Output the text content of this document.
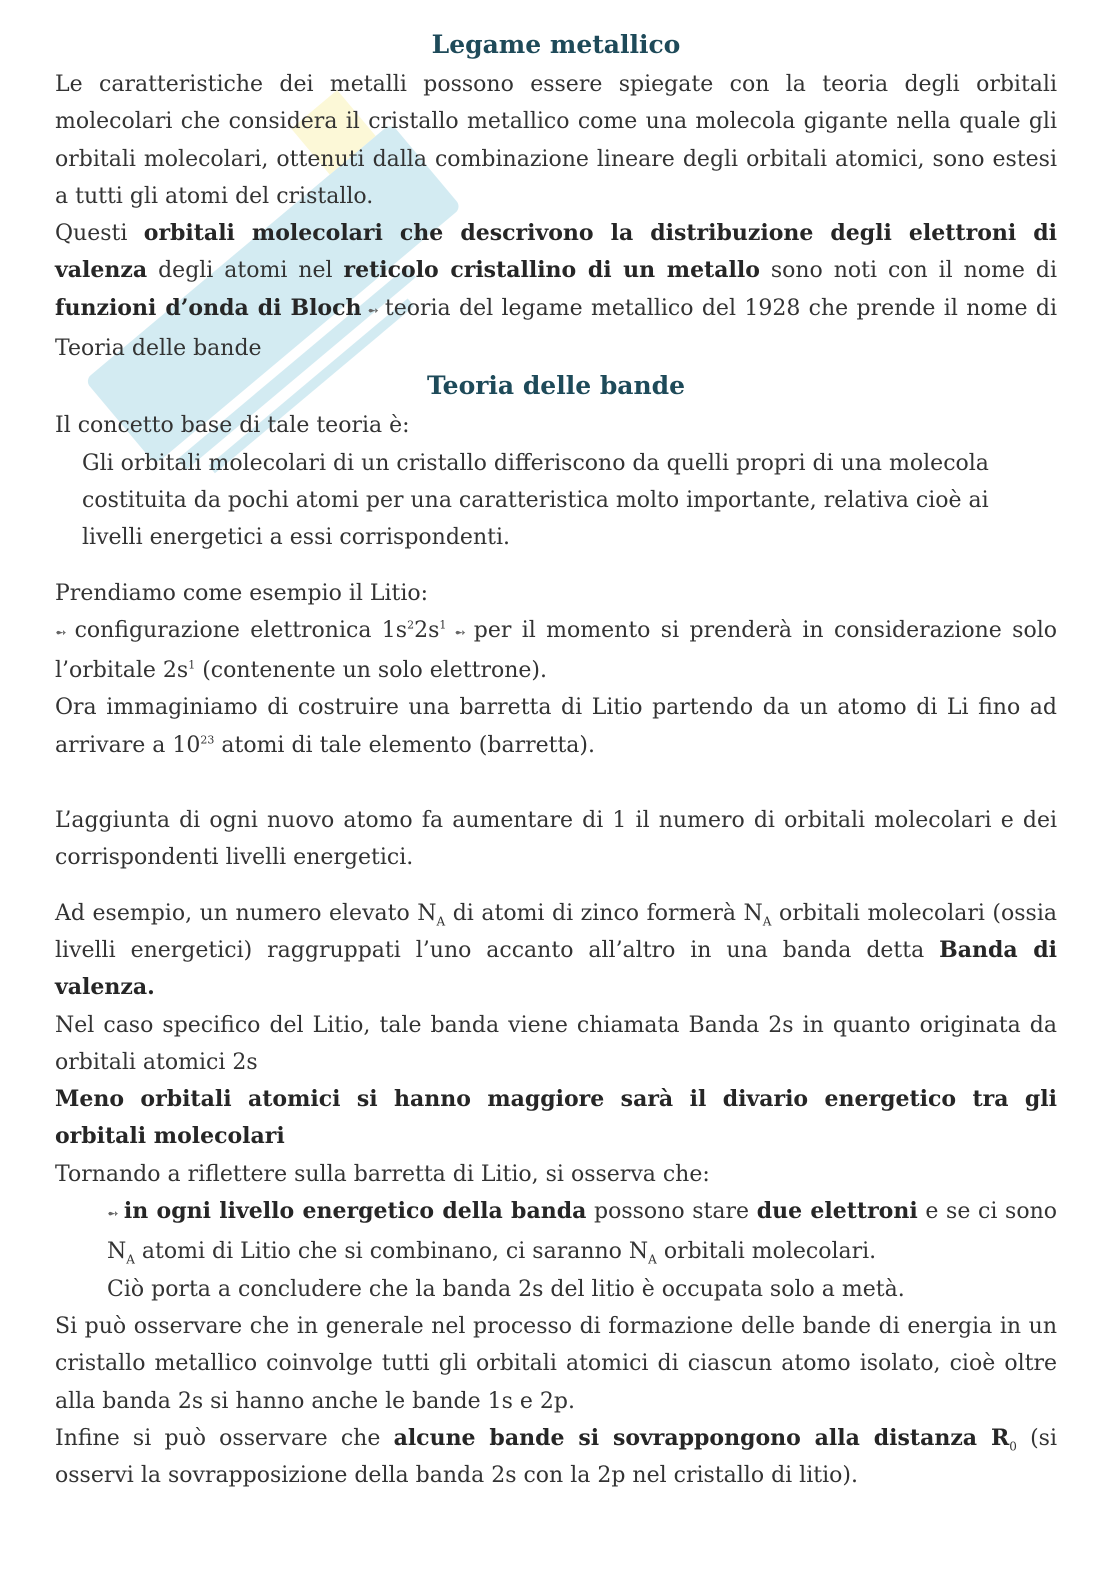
Legame metallico

Le caratteristiche dei metalli possono essere spiegate con la teoria degli orbitali molecolari che considera il cristallo metallico come una molecola gigante nella quale gli orbitali molecolari, ottenuti dalla combinazione lineare degli orbitali atomici, sono estesi a tutti gli atomi del cristallo.

Questi orbitali molecolari che descrivono la distribuzione degli elettroni di valenza degli atomi nel reticolo cristallino di un metallo sono noti con il nome di funzioni d’onda di Bloch ➻ teoria del legame metallico del 1928 che prende il nome di Teoria delle bande

Teoria delle bande

Il concetto base di tale teoria è:

Gli orbitali molecolari di un cristallo differiscono da quelli propri di una molecola costituita da pochi atomi per una caratteristica molto importante, relativa cioè ai livelli energetici a essi corrispondenti.

Prendiamo come esempio il Litio:

➻ configurazione elettronica $1s^22s^1$ ➻ per il momento si prenderà in considerazione solo l’orbitale $2s^1$ (contenente un solo elettrone).

Ora immaginiamo di costruire una barretta di Litio partendo da un atomo di Li fino ad arrivare a $10^{23}$ atomi di tale elemento (barretta).

L’aggiunta di ogni nuovo atomo fa aumentare di 1 il numero di orbitali molecolari e dei corrispondenti livelli energetici.

Ad esempio, un numero elevato $N_A$ di atomi di zinco formerà $N_A$ orbitali molecolari (ossia livelli energetici) raggruppati l’uno accanto all’altro in una banda detta Banda di valenza.

Nel caso specifico del Litio, tale banda viene chiamata Banda 2s in quanto originata da orbitali atomici 2s

Meno orbitali atomici si hanno maggiore sarà il divario energetico tra gli orbitali molecolari

Tornando a riflettere sulla barretta di Litio, si osserva che:

➻ in ogni livello energetico della banda possono stare due elettroni e se ci sono $N_A$ atomi di Litio che si combinano, ci saranno $N_A$ orbitali molecolari.

Ciò porta a concludere che la banda 2s del litio è occupata solo a metà.

Si può osservare che in generale nel processo di formazione delle bande di energia in un cristallo metallico coinvolge tutti gli orbitali atomici di ciascun atomo isolato, cioè oltre alla banda 2s si hanno anche le bande 1s e 2p.

Infine si può osservare che alcune bande si sovrappongono alla distanza $R_0$ (si osservi la sovrapposizione della banda 2s con la 2p nel cristallo di litio).
